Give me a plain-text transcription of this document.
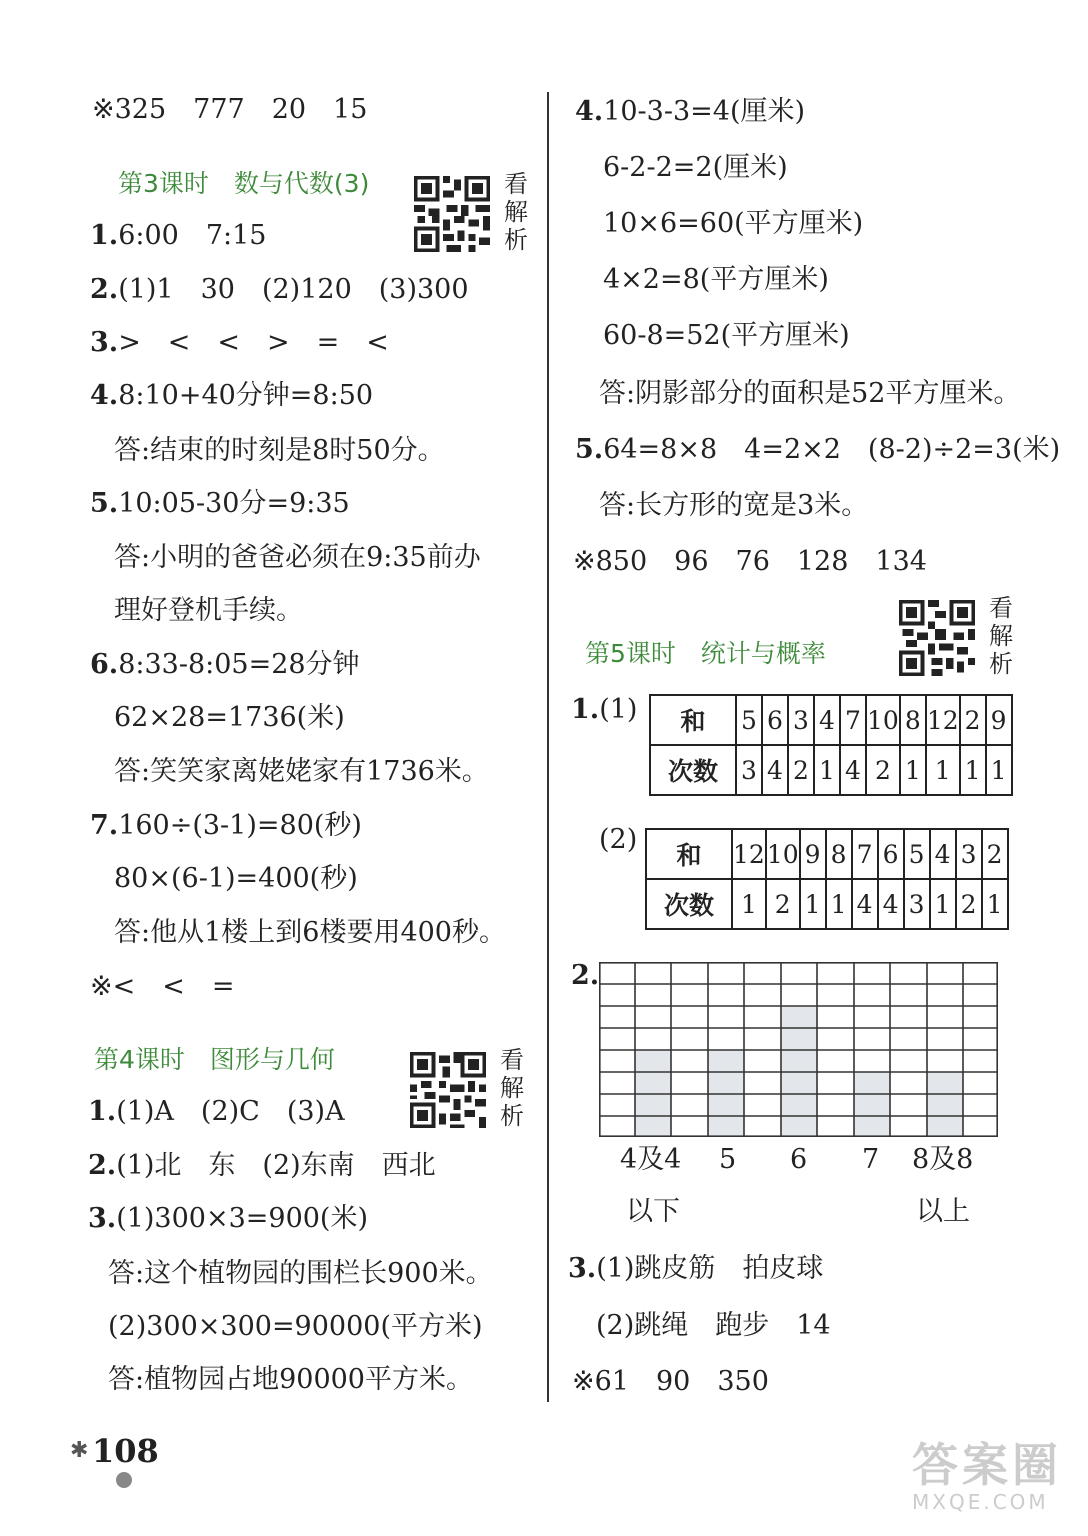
※325　777　20　15
第3课时　数与代数(3)	看
解
析
1.6:00　7:15
2.(1)1　30　(2)120　(3)300
3.>　<　<　>　=　<
4.8:10+40分钟=8:50
答:结束的时刻是8时50分。
5.10:05-30分=9:35
答:小明的爸爸必须在9:35前办
理好登机手续。
6.8:33-8:05=28分钟
62×28=1736(米)
答:笑笑家离姥姥家有1736米。
7.160÷(3-1)=80(秒)
80×(6-1)=400(秒)
答:他从1楼上到6楼要用400秒。
※<　<　=
第4课时　图形与几何	看
解
析
1.(1)A　(2)C　(3)A
2.(1)北　东　(2)东南　西北
3.(1)300×3=900(米)
答:这个植物园的围栏长900米。
(2)300×300=90000(平方米)
答:植物园占地90000平方米。
4.10-3-3=4(厘米)
6-2-2=2(厘米)
10×6=60(平方厘米)
4×2=8(平方厘米)
60-8=52(平方厘米)
答:阴影部分的面积是52平方厘米。
5.64=8×8　4=2×2　(8-2)÷2=3(米)
答:长方形的宽是3米。
※850　96　76　128　134
第5课时　统计与概率
看
解
析
1.(1) 和	5	6	3	4	7	10	8	12	2	9
次数	3	4	2	1	4	2	1	1	1	1
(2)
和	12	10	9	8	7	6	5	4	3	2
次数	1	2	1	1	4	4	3	1	2	1
2.
4及4 5 6 7 8及8
以下	以上
3.(1)跳皮筋　拍皮球
(2)跳绳　跑步　14
※61　90　350
✱ 108	答案圈
MXQE.COM
